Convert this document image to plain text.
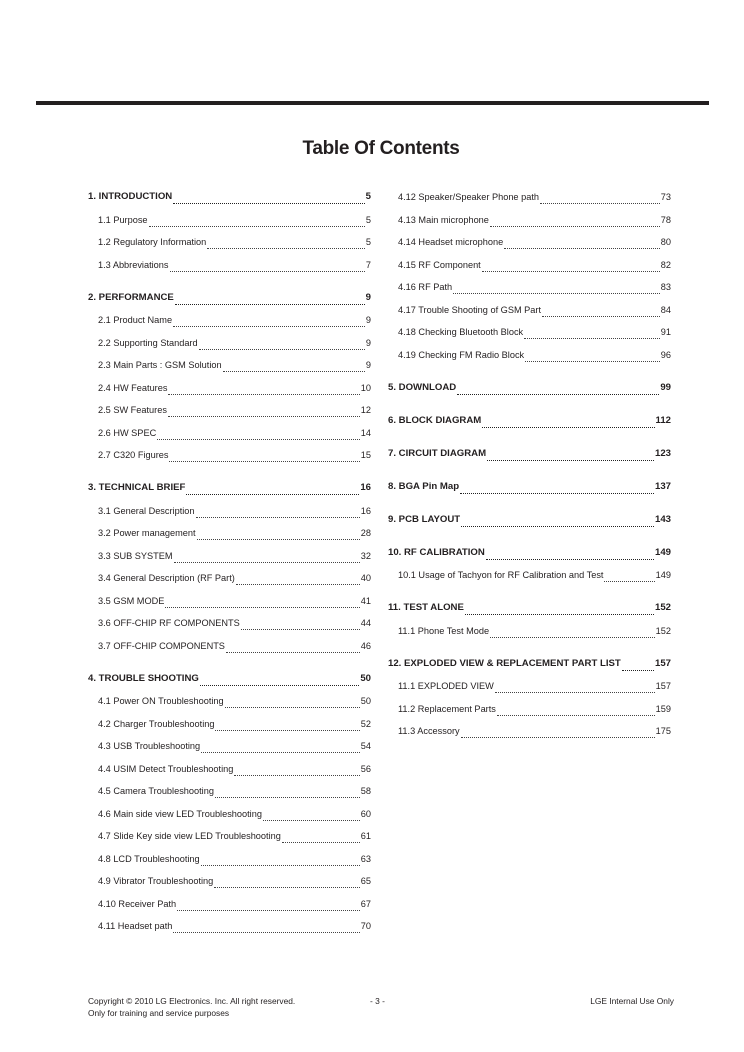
Table Of Contents
1. INTRODUCTION	5
1.1 Purpose	5
1.2 Regulatory Information	5
1.3 Abbreviations	7
2. PERFORMANCE	9
2.1 Product Name	9
2.2 Supporting Standard	9
2.3 Main Parts : GSM Solution	9
2.4 HW Features	10
2.5 SW Features	12
2.6 HW SPEC	14
2.7 C320 Figures	15
3. TECHNICAL BRIEF	16
3.1 General Description	16
3.2 Power management	28
3.3 SUB SYSTEM	32
3.4 General Description (RF Part)	40
3.5 GSM MODE	41
3.6 OFF-CHIP RF COMPONENTS	44
3.7 OFF-CHIP COMPONENTS	46
4. TROUBLE SHOOTING	50
4.1 Power ON Troubleshooting	50
4.2 Charger Troubleshooting	52
4.3 USB Troubleshooting	54
4.4 USIM Detect Troubleshooting	56
4.5 Camera Troubleshooting	58
4.6 Main side view LED Troubleshooting	60
4.7 Slide Key side view LED Troubleshooting	61
4.8 LCD Troubleshooting	63
4.9 Vibrator Troubleshooting	65
4.10 Receiver Path	67
4.11 Headset path	70
4.12 Speaker/Speaker Phone path	73
4.13 Main microphone	78
4.14 Headset microphone	80
4.15 RF Component	82
4.16 RF Path	83
4.17 Trouble Shooting of GSM Part	84
4.18 Checking Bluetooth Block	91
4.19 Checking FM Radio Block	96
5. DOWNLOAD	99
6. BLOCK DIAGRAM	112
7. CIRCUIT DIAGRAM	123
8. BGA Pin Map	137
9. PCB LAYOUT	143
10. RF CALIBRATION	149
10.1 Usage of Tachyon for RF Calibration and Test	149
11. TEST ALONE	152
11.1 Phone Test Mode	152
12. EXPLODED VIEW & REPLACEMENT PART LIST	157
11.1 EXPLODED VIEW	157
11.2 Replacement Parts	159
11.3 Accessory	175
Copyright © 2010 LG Electronics. Inc. All right reserved.
Only for training and service purposes
- 3 -	LGE Internal Use Only
